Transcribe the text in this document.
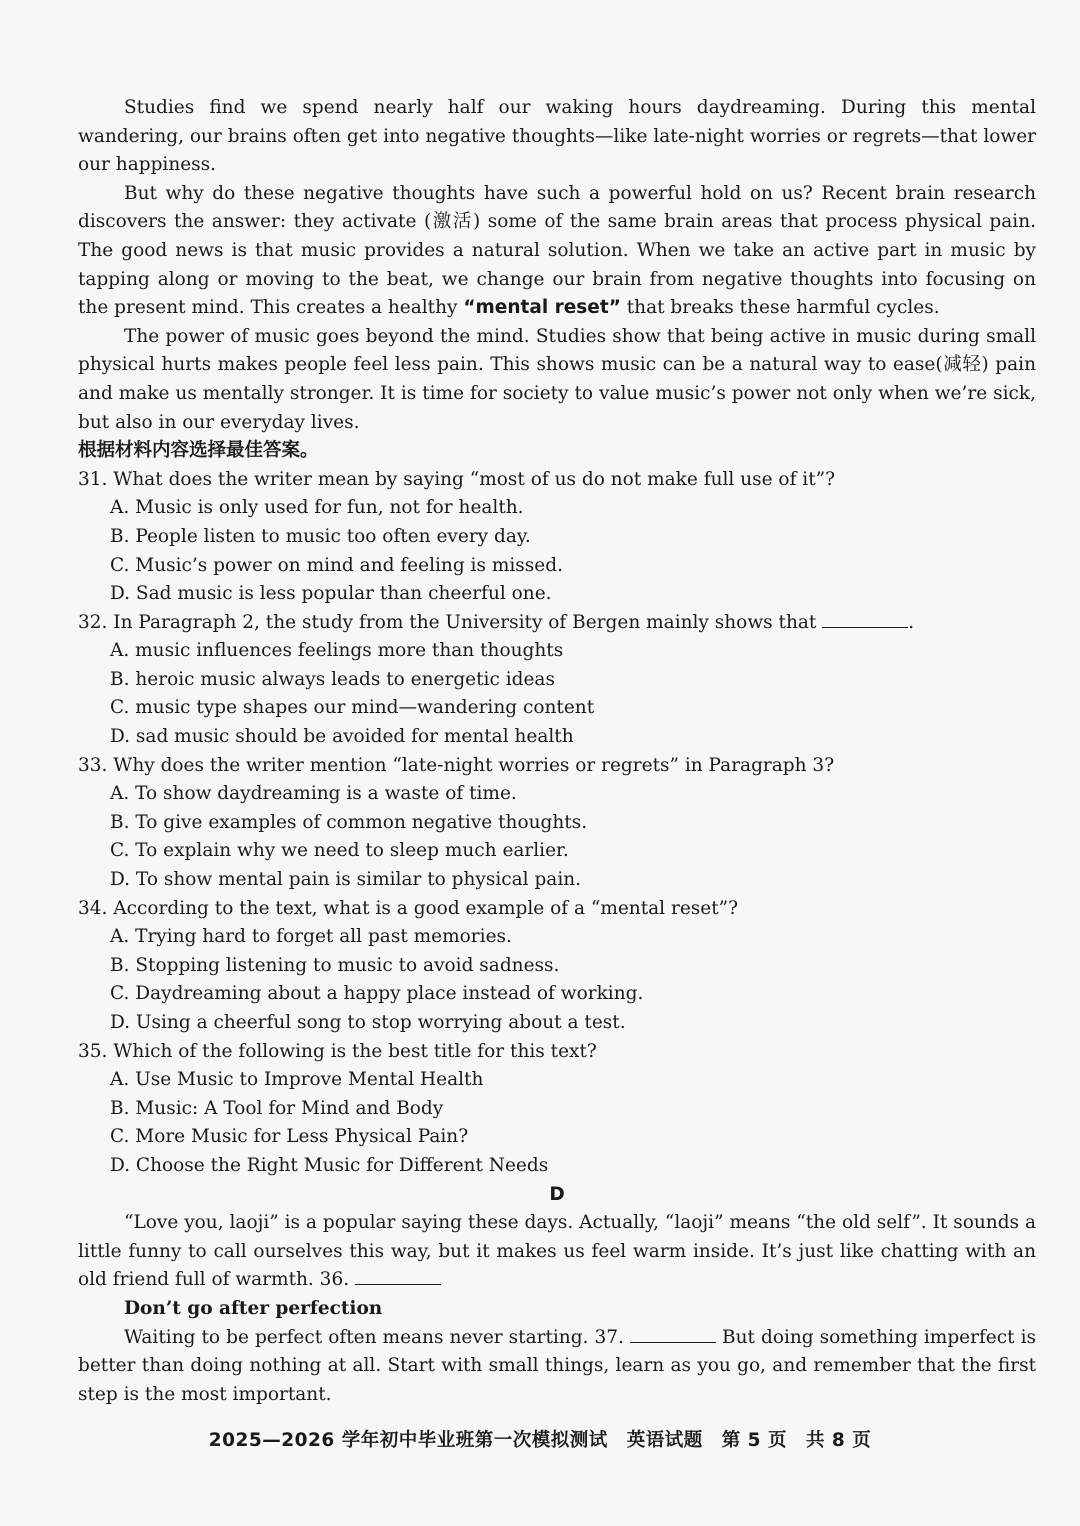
Studies find we spend nearly half our waking hours daydreaming. During this mental wandering, our brains often get into negative thoughts—like late-night worries or regrets—that lower our happiness.

But why do these negative thoughts have such a powerful hold on us? Recent brain research discovers the answer: they activate (激活) some of the same brain areas that process physical pain. The good news is that music provides a natural solution. When we take an active part in music by tapping along or moving to the beat, we change our brain from negative thoughts into focusing on the present mind. This creates a healthy “mental reset” that breaks these harmful cycles.

The power of music goes beyond the mind. Studies show that being active in music during small physical hurts makes people feel less pain. This shows music can be a natural way to ease(减轻) pain and make us mentally stronger. It is time for society to value music’s power not only when we’re sick, but also in our everyday lives.

根据材料内容选择最佳答案。

31. What does the writer mean by saying “most of us do not make full use of it”?

A. Music is only used for fun, not for health.

B. People listen to music too often every day.

C. Music’s power on mind and feeling is missed.

D. Sad music is less popular than cheerful one.

32. In Paragraph 2, the study from the University of Bergen mainly shows that	.

A. music influences feelings more than thoughts

B. heroic music always leads to energetic ideas

C. music type shapes our mind—wandering content

D. sad music should be avoided for mental health

33. Why does the writer mention “late-night worries or regrets” in Paragraph 3?

A. To show daydreaming is a waste of time.

B. To give examples of common negative thoughts.

C. To explain why we need to sleep much earlier.

D. To show mental pain is similar to physical pain.

34. According to the text, what is a good example of a “mental reset”?

A. Trying hard to forget all past memories.

B. Stopping listening to music to avoid sadness.

C. Daydreaming about a happy place instead of working.

D. Using a cheerful song to stop worrying about a test.

35. Which of the following is the best title for this text?

A. Use Music to Improve Mental Health

B. Music: A Tool for Mind and Body

C. More Music for Less Physical Pain?

D. Choose the Right Music for Different Needs

D

“Love you, laoji” is a popular saying these days. Actually, “laoji” means “the old self”. It sounds a little funny to call ourselves this way, but it makes us feel warm inside. It’s just like chatting with an old friend full of warmth. 36.

Don’t go after perfection

Waiting to be perfect often means never starting. 37.	But doing something imperfect is better than doing nothing at all. Start with small things, learn as you go, and remember that the first step is the most important.

2025—2026 学年初中毕业班第一次模拟测试　英语试题　第 5 页　共 8 页
